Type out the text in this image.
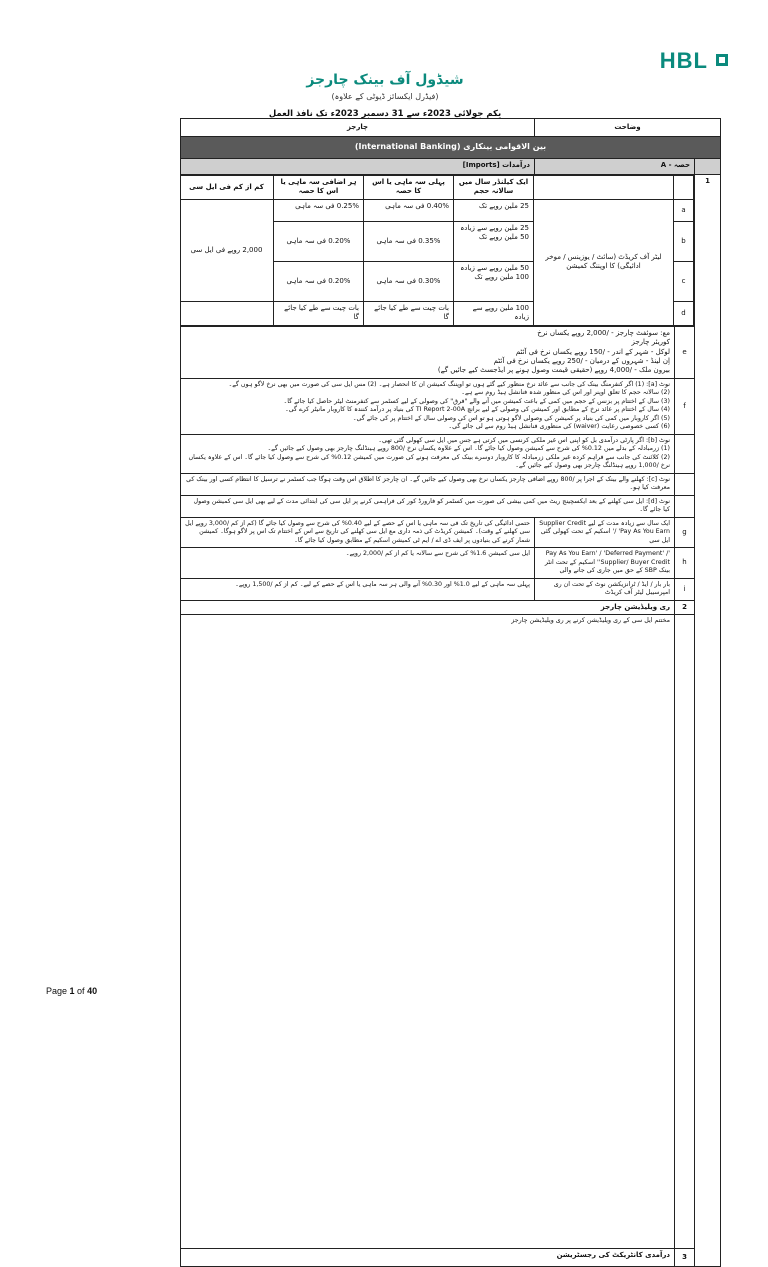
HBL
شیڈول آف بینک چارجز
(فیڈرل ایکسائز ڈیوٹی کے علاوہ)
یکم جولائی 2023ء سے 31 دسمبر 2023ء تک نافذ العمل
وضاحت	چارجز
بین الاقوامی بینکاری (International Banking)
	حصہ - A	درآمدات [Imports]
1	
		ایک کیلنڈر سال میں سالانہ حجم	پہلی سہ ماہی یا اس کا حصہ	ہر اضافی سہ ماہی یا اس کا حصہ	کم از کم فی ایل سی
a	لیٹر آف کریڈٹ (سائٹ / یوزینس / موخر ادائیگی) کا اوپننگ کمیشن	25 ملین روپے تک	0.40% فی سہ ماہی	0.25% فی سہ ماہی	2,000 روپے فی ایل سی
b	25 ملین روپے سے زیادہ 50 ملین روپے تک	0.35% فی سہ ماہی	0.20% فی سہ ماہی
c	50 ملین روپے سے زیادہ 100 ملین روپے تک	0.30% فی سہ ماہی	0.20% فی سہ ماہی
d	100 ملین روپے سے زیادہ	بات چیت سے طے کیا جائے گا	بات چیت سے طے کیا جائے گا	

e	

مع: سوئفٹ چارجز - /2,000 روپے یکساں نرخ

کوریئر چارجز

لوکل - شہر کے اندر - /150 روپے یکساں نرخ فی آئٹم

اِن لینڈ - شہروں کے درمیان - /250 روپے یکساں نرخ فی آئٹم

بیرون ملک - /4,000 روپے (حقیقی قیمت وصول ہونے پر ایڈجسٹ کیے جائیں گے)

f	

نوٹ [a]: (1) اگر کنفرمنگ بینک کی جانب سے عائد نرخ منظور کیے گئے ہوں تو اوپننگ کمیشن ان کا انحصار ہے۔ (2) مس ایل سی کی صورت میں بھی نرخ لاگو ہوں گے۔

(2) سالانہ حجم کا تعلق اوپنر اور اس کی منظور شدہ فنانشل ہیڈ روم سے ہے۔

(3) سال کے اختتام پر بزنس کے حجم میں کمی کے باعث کمیشن میں آنے والے "فرق" کی وصولی کے لیے کسٹمر سے کنفرمنٹ لیٹر حاصل کیا جائے گا۔

(4) سال کے اختتام پر عائد نرخ کے مطابق اور کمیشن کی وصولی کے لیے برانچ TI Report 2-00A کی بنیاد پر درآمد کنندہ کا کاروبار مانیٹر کرے گی۔

(5) اگر کاروبار میں کمی کی بنیاد پر کمیشن کی وصولی لاگو ہوتی ہو تو اس کی وصولی سال کے اختتام پر کی جائے گی۔

(6) کسی خصوصی رعایت (waiver) کی منظوری فنانشل ہیڈ روم سے لی جائے گی۔

نوٹ [b]: اگر پارٹی درآمدی بل کو اپنی اس غیر ملکی کرنسی میں کرتی ہے جس میں ایل سی کھولی گئی تھی۔

(1) زرمبادلہ کے بدلے میں 0.12% کی شرح سے کمیشن وصول کیا جائے گا۔ اس کے علاوہ یکساں نرخ /800 روپے ہینڈلنگ چارجز بھی وصول کیے جائیں گے۔

(2) کلائنٹ کی جانب سے فراہم کردہ غیر ملکی زرمبادلہ کا کاروبار دوسرے بینک کی معرفت ہونے کی صورت میں کمیشن 0.12% کی شرح سے وصول کیا جائے گا۔ اس کے علاوہ یکساں نرخ /1,000 روپے ہینڈلنگ چارجز بھی وصول کیے جائیں گے۔

	نوٹ [c]: کھلنے والے بینک کے اجرا پر /800 روپے اضافی چارجز یکساں نرخ بھی وصول کیے جائیں گے۔ ان چارجز کا اطلاق اس وقت ہوگا جب کسٹمر نے ترسیل کا انتظام کسی اور بینک کی معرفت کیا ہو۔
	نوٹ [d]: ایل سی کھلنے کے بعد ایکسچینج ریٹ میں کمی بیشی کی صورت میں کسٹمر کو فارورڈ کور کی فراہمی کرنے پر ایل سی کی ابتدائی مدت کے لیے بھی ایل سی کمیشن وصول کیا جائے گا۔
g	ایک سال سے زیادہ مدت کے لیے Supplier Credit / 'Pay As You Earn' اسکیم کے تحت کھولی گئی ایل سی	حتمی ادائیگی کی تاریخ تک فی سہ ماہی یا اس کے حصے کے لیے 0.40% کی شرح سے وصول کیا جائے گا (کم از کم /3,000 روپے ایل سی کھلنے کے وقت)۔ کمیشن کریڈٹ کی ذمہ داری مع ایل سی کھلنے کی تاریخ سے اس کے اختتام تک اس پر لاگو ہوگا۔ کمیشن شمار کرنے کی بنیادوں پر ایف ڈی اے / ایم ٹی کمیشن اسکیم کے مطابق وصول کیا جائے گا۔
h	'Pay As You Earn' / 'Deferred Payment' / 'Supplier/ Buyer Credit' اسکیم کے تحت انٹر بینک SBP کے حق میں جاری کی جانے والی	ایل سی کمیشن 1.6% کی شرح سے سالانہ یا کم از کم /2,000 روپے۔
i	بار بار / ایڈ / ٹرانزیکشن نوٹ کے تحت ان ری امپرسیبل لیٹر آف کریڈٹ	پہلی سہ ماہی کے لیے 1.0% اور 0.30% آنے والی ہر سہ ماہی یا اس کے حصے کے لیے۔ کم از کم /1,500 روپے۔
2	ری ویلیڈیشن چارجز
	مختتم ایل سی کے ری ویلیڈیشن کرنے پر ری ویلیڈیشن چارجز	

3	درآمدی کانٹریکٹ کی رجسٹریشن
Page 1 of 40
